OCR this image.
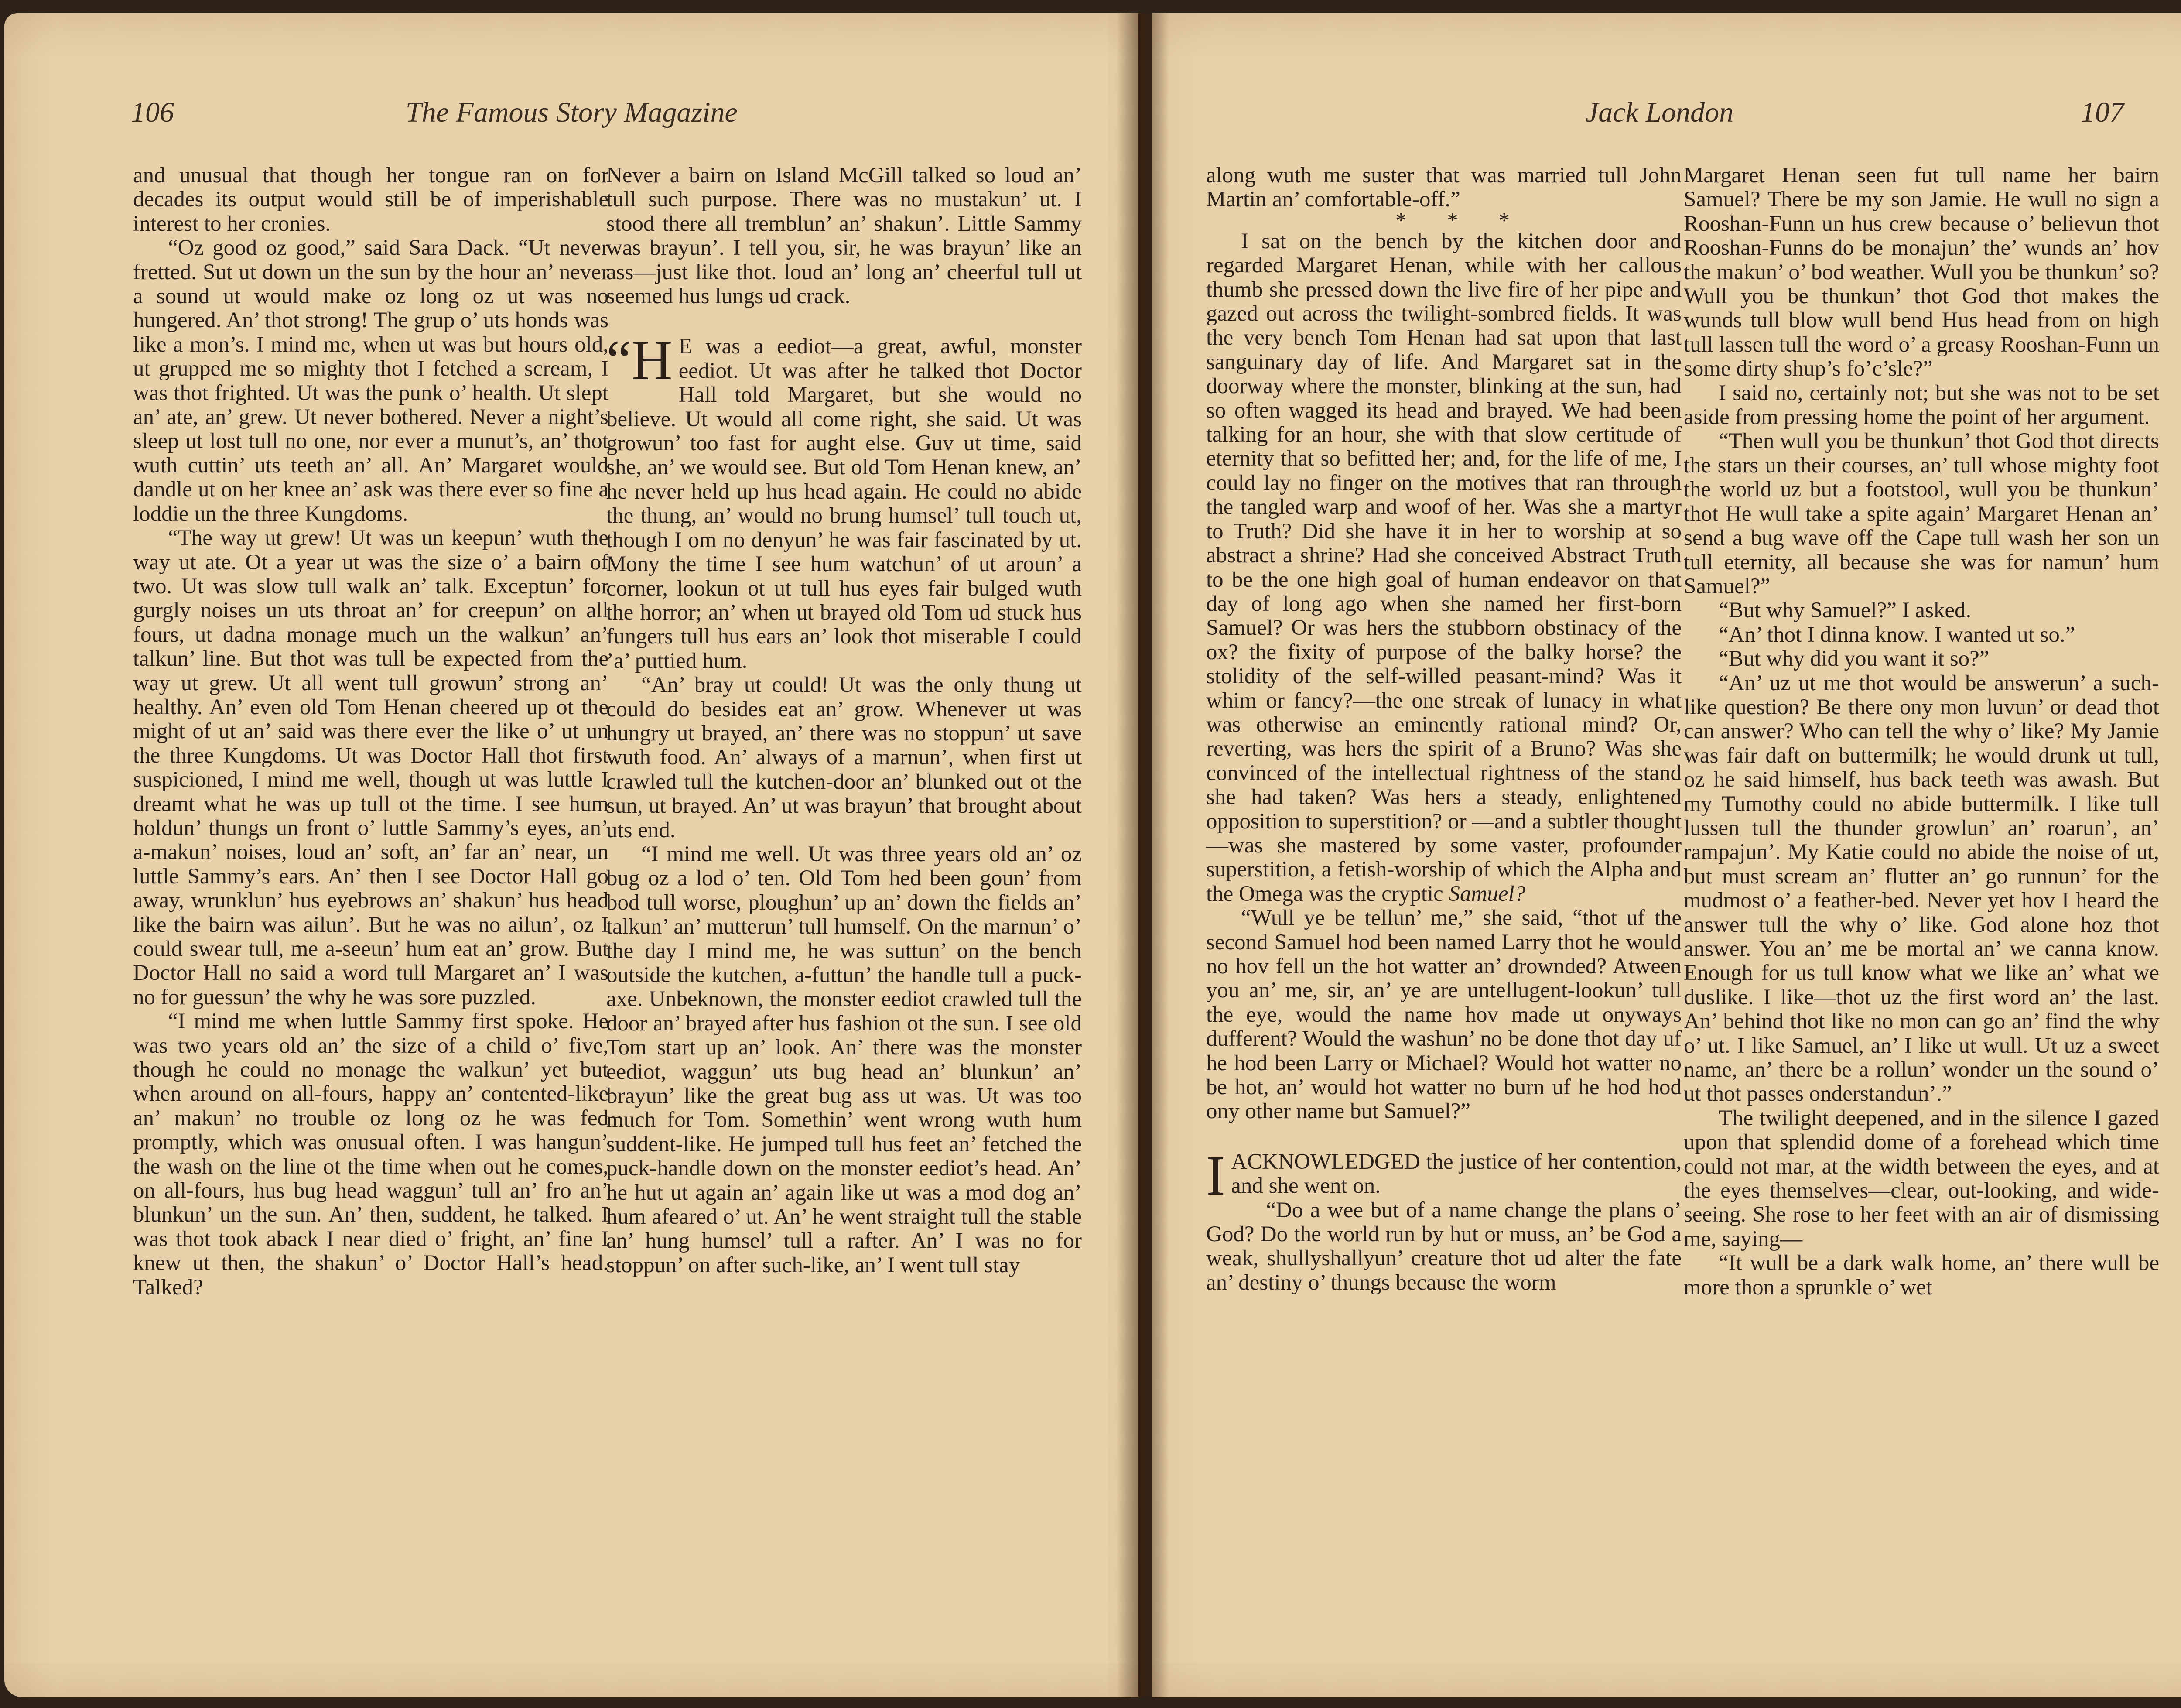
106	The Famous Story Magazine

and unusual that though her tongue ran on for decades its output would still be of imperishable interest to her cronies.

“Oz good oz good,” said Sara Dack. “Ut never fretted. Sut ut down un the sun by the hour an’ never a sound ut would make oz long oz ut was no hungered. An’ thot strong! The grup o’ uts honds was like a mon’s. I mind me, when ut was but hours old, ut grupped me so mighty thot I fetched a scream, I was thot frighted. Ut was the punk o’ health. Ut slept an’ ate, an’ grew. Ut never bothered. Never a night’s sleep ut lost tull no one, nor ever a munut’s, an’ thot wuth cuttin’ uts teeth an’ all. An’ Margaret would dandle ut on her knee an’ ask was there ever so fine a loddie un the three Kungdoms.

“The way ut grew! Ut was un keepun’ wuth the way ut ate. Ot a year ut was the size o’ a bairn of two. Ut was slow tull walk an’ talk. Exceptun’ for gurgly noises un uts throat an’ for creepun’ on all fours, ut dadna monage much un the walkun’ an’ talkun’ line. But thot was tull be expected from the way ut grew. Ut all went tull growun’ strong an’ healthy. An’ even old Tom Henan cheered up ot the might of ut an’ said was there ever the like o’ ut un the three Kungdoms. Ut was Doctor Hall thot first suspicioned, I mind me well, though ut was luttle I dreamt what he was up tull ot the time. I see hum holdun’ thungs un front o’ luttle Sammy’s eyes, an’ a-makun’ noises, loud an’ soft, an’ far an’ near, un luttle Sammy’s ears. An’ then I see Doctor Hall go away, wrunklun’ hus eyebrows an’ shakun’ hus head like the bairn was ailun’. But he was no ailun’, oz I could swear tull, me a-seeun’ hum eat an’ grow. But Doctor Hall no said a word tull Margaret an’ I was no for guessun’ the why he was sore puzzled.

“I mind me when luttle Sammy first spoke. He was two years old an’ the size of a child o’ five, though he could no monage the walkun’ yet but when around on all-fours, happy an’ contented-like an’ makun’ no trouble oz long oz he was fed promptly, which was onusual often. I was hangun’ the wash on the line ot the time when out he comes, on all-fours, hus bug head waggun’ tull an’ fro an’ blunkun’ un the sun. An’ then, suddent, he talked. I was thot took aback I near died o’ fright, an’ fine I knew ut then, the shakun’ o’ Doctor Hall’s head. Talked?

Never a bairn on Island McGill talked so loud an’ tull such purpose. There was no mustakun’ ut. I stood there all tremblun’ an’ shakun’. Little Sammy was brayun’. I tell you, sir, he was brayun’ like an ass—just like thot. loud an’ long an’ cheerful tull ut seemed hus lungs ud crack.

“H E was a eediot—a great, awful, monster eediot. Ut was after he talked thot Doctor Hall told Margaret, but she would no believe. Ut would all come right, she said. Ut was growun’ too fast for aught else. Guv ut time, said she, an’ we would see. But old Tom Henan knew, an’ he never held up hus head again. He could no abide the thung, an’ would no brung humsel’ tull touch ut, though I om no denyun’ he was fair fascinated by ut. Mony the time I see hum watchun’ of ut aroun’ a corner, lookun ot ut tull hus eyes fair bulged wuth the horror; an’ when ut brayed old Tom ud stuck hus fungers tull hus ears an’ look thot miserable I could ’a’ puttied hum.

“An’ bray ut could! Ut was the only thung ut could do besides eat an’ grow. Whenever ut was hungry ut brayed, an’ there was no stoppun’ ut save wuth food. An’ always of a marnun’, when first ut crawled tull the kutchen-door an’ blunked out ot the sun, ut brayed. An’ ut was brayun’ that brought about uts end.

“I mind me well. Ut was three years old an’ oz bug oz a lod o’ ten. Old Tom hed been goun’ from bod tull worse, ploughun’ up an’ down the fields an’ talkun’ an’ mutterun’ tull humself. On the marnun’ o’ the day I mind me, he was suttun’ on the bench outside the kutchen, a-futtun’ the handle tull a puck-axe. Unbeknown, the monster eediot crawled tull the door an’ brayed after hus fashion ot the sun. I see old Tom start up an’ look. An’ there was the monster eediot, waggun’ uts bug head an’ blunkun’ an’ brayun’ like the great bug ass ut was. Ut was too much for Tom. Somethin’ went wrong wuth hum suddent-like. He jumped tull hus feet an’ fetched the puck-handle down on the monster eediot’s head. An’ he hut ut again an’ again like ut was a mod dog an’ hum afeared o’ ut. An’ he went straight tull the stable an’ hung humsel’ tull a rafter. An’ I was no for stoppun’ on after such-like, an’ I went tull stay

Jack London	107

along wuth me suster that was married tull John Martin an’ comfortable-off.”

* * *

I sat on the bench by the kitchen door and regarded Margaret Henan, while with her callous thumb she pressed down the live fire of her pipe and gazed out across the twilight-sombred fields. It was the very bench Tom Henan had sat upon that last sanguinary day of life. And Margaret sat in the doorway where the monster, blinking at the sun, had so often wagged its head and brayed. We had been talking for an hour, she with that slow certitude of eternity that so befitted her; and, for the life of me, I could lay no finger on the motives that ran through the tangled warp and woof of her. Was she a martyr to Truth? Did she have it in her to worship at so abstract a shrine? Had she conceived Abstract Truth to be the one high goal of human endeavor on that day of long ago when she named her first-born Samuel? Or was hers the stubborn obstinacy of the ox? the fixity of purpose of the balky horse? the stolidity of the self-willed peasant-mind? Was it whim or fancy?—the one streak of lunacy in what was otherwise an eminently rational mind? Or, reverting, was hers the spirit of a Bruno? Was she convinced of the intellectual rightness of the stand she had taken? Was hers a steady, enlightened opposition to superstition? or —and a subtler thought—was she mastered by some vaster, profounder superstition, a fetish-worship of which the Alpha and the Omega was the cryptic Samuel?

“Wull ye be tellun’ me,” she said, “thot uf the second Samuel hod been named Larry thot he would no hov fell un the hot watter an’ drownded? Atween you an’ me, sir, an’ ye are untellugent-lookun’ tull the eye, would the name hov made ut onyways dufferent? Would the washun’ no be done thot day uf he hod been Larry or Michael? Would hot watter no be hot, an’ would hot watter no burn uf he hod hod ony other name but Samuel?”

IACKNOWLEDGED the justice of her contention, and she went on.

“Do a wee but of a name change the plans o’ God? Do the world run by hut or muss, an’ be God a weak, shullyshallyun’ creature thot ud alter the fate an’ destiny o’ thungs because the worm

Margaret Henan seen fut tull name her bairn Samuel? There be my son Jamie. He wull no sign a Rooshan-Funn un hus crew because o’ believun thot Rooshan-Funns do be monajun’ the’ wunds an’ hov the makun’ o’ bod weather. Wull you be thunkun’ so? Wull you be thunkun’ thot God thot makes the wunds tull blow wull bend Hus head from on high tull lassen tull the word o’ a greasy Rooshan-Funn un some dirty shup’s fo’c’sle?”

I said no, certainly not; but she was not to be set aside from pressing home the point of her argument.

“Then wull you be thunkun’ thot God thot directs the stars un their courses, an’ tull whose mighty foot the world uz but a footstool, wull you be thunkun’ thot He wull take a spite again’ Margaret Henan an’ send a bug wave off the Cape tull wash her son un tull eternity, all because she was for namun’ hum Samuel?”

“But why Samuel?” I asked.

“An’ thot I dinna know. I wanted ut so.”

“But why did you want it so?”

“An’ uz ut me thot would be answerun’ a such-like question? Be there ony mon luvun’ or dead thot can answer? Who can tell the why o’ like? My Jamie was fair daft on buttermilk; he would drunk ut tull, oz he said himself, hus back teeth was awash. But my Tumothy could no abide buttermilk. I like tull lussen tull the thunder growlun’ an’ roarun’, an’ rampajun’. My Katie could no abide the noise of ut, but must scream an’ flutter an’ go runnun’ for the mudmost o’ a feather-bed. Never yet hov I heard the answer tull the why o’ like. God alone hoz thot answer. You an’ me be mortal an’ we canna know. Enough for us tull know what we like an’ what we duslike. I like—thot uz the first word an’ the last. An’ behind thot like no mon can go an’ find the why o’ ut. I like Samuel, an’ I like ut wull. Ut uz a sweet name, an’ there be a rollun’ wonder un the sound o’ ut thot passes onderstandun’.”

The twilight deepened, and in the silence I gazed upon that splendid dome of a forehead which time could not mar, at the width between the eyes, and at the eyes themselves—clear, out-looking, and wide-seeing. She rose to her feet with an air of dismissing me, saying—

“It wull be a dark walk home, an’ there wull be more thon a sprunkle o’ wet
